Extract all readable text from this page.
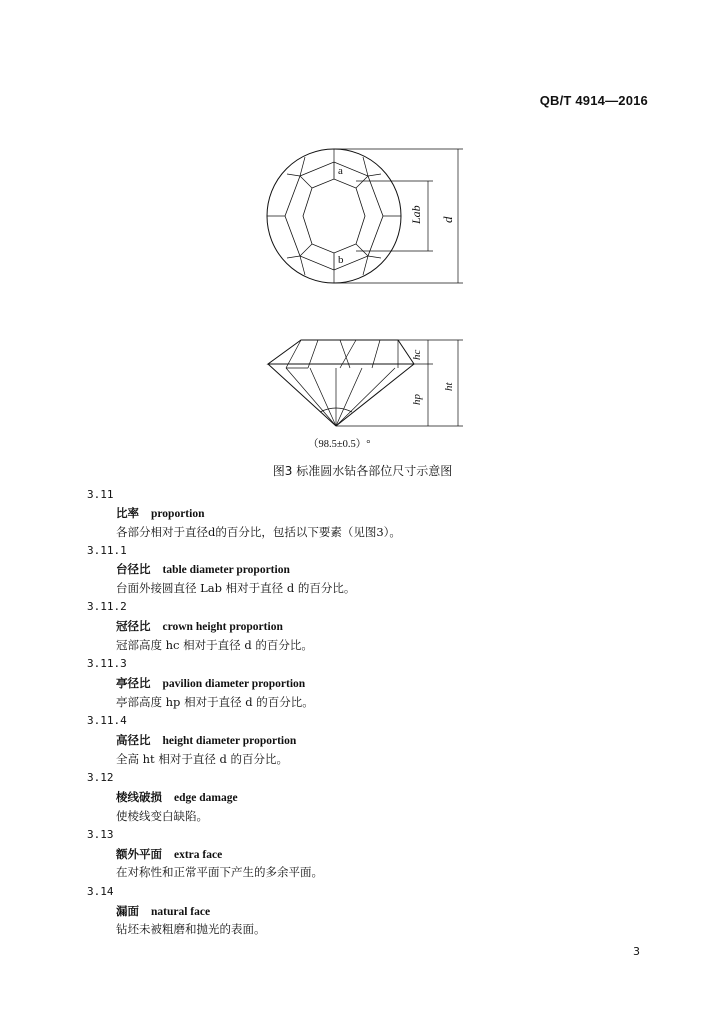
QB/T 4914—2016
a
b
Lab d
hc
hp
ht
（98.5±0.5）°
图3 标准圆水钻各部位尺寸示意图
3.11
比率 proportion
各部分相对于直径d的百分比，包括以下要素（见图3）。
3.11.1
台径比 table diameter proportion
台面外接圆直径 Lab 相对于直径 d 的百分比。
3.11.2
冠径比 crown height proportion
冠部高度 hc 相对于直径 d 的百分比。
3.11.3
亭径比 pavilion diameter proportion
亭部高度 hp 相对于直径 d 的百分比。
3.11.4
高径比 height diameter proportion
全高 ht 相对于直径 d 的百分比。
3.12
棱线破损 edge damage
使棱线变白缺陷。
3.13
额外平面 extra face
在对称性和正常平面下产生的多余平面。
3.14
漏面 natural face
钻坯未被粗磨和抛光的表面。
3
